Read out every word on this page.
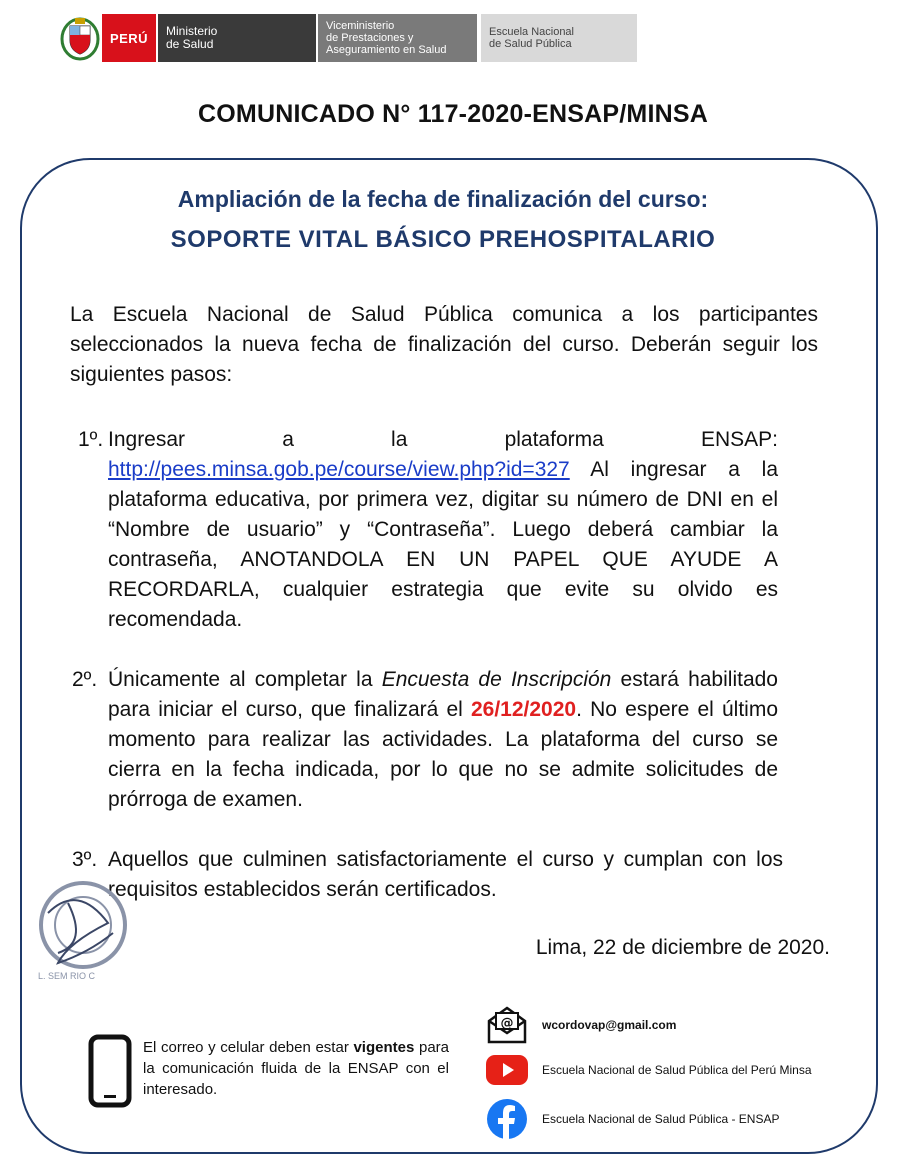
PERÚ	Ministerio
de Salud
Viceministerio
de Prestaciones y
Aseguramiento en Salud
Escuela Nacional
de Salud Pública
COMUNICADO N° 117-2020-ENSAP/MINSA
Ampliación de la fecha de finalización del curso:
SOPORTE VITAL BÁSICO PREHOSPITALARIO
La Escuela Nacional de Salud Pública comunica a los participantes seleccionados la nueva fecha de finalización del curso. Deberán seguir los siguientes pasos:
1º. Ingresar a la plataforma ENSAP:
http://pees.minsa.gob.pe/course/view.php?id=327 Al ingresar a la plataforma educativa, por primera vez, digitar su número de DNI en el “Nombre de usuario” y “Contraseña”. Luego deberá cambiar la contraseña, ANOTANDOLA EN UN PAPEL QUE AYUDE A RECORDARLA, cualquier estrategia que evite su olvido es recomendada.
2º. Únicamente al completar la Encuesta de Inscripción estará habilitado para iniciar el curso, que finalizará el 26/12/2020. No espere el último momento para realizar las actividades. La plataforma del curso se cierra en la fecha indicada, por lo que no se admite solicitudes de prórroga de examen.
3º. Aquellos que culminen satisfactoriamente el curso y cumplan con los requisitos establecidos serán certificados.
L. SEM RIO C
Lima, 22 de diciembre de 2020.
El correo y celular deben estar vigentes para la comunicación fluida de la ENSAP con el interesado.
@ wcordovap@gmail.com
Escuela Nacional de Salud Pública del Perú Minsa
Escuela Nacional de Salud Pública - ENSAP
